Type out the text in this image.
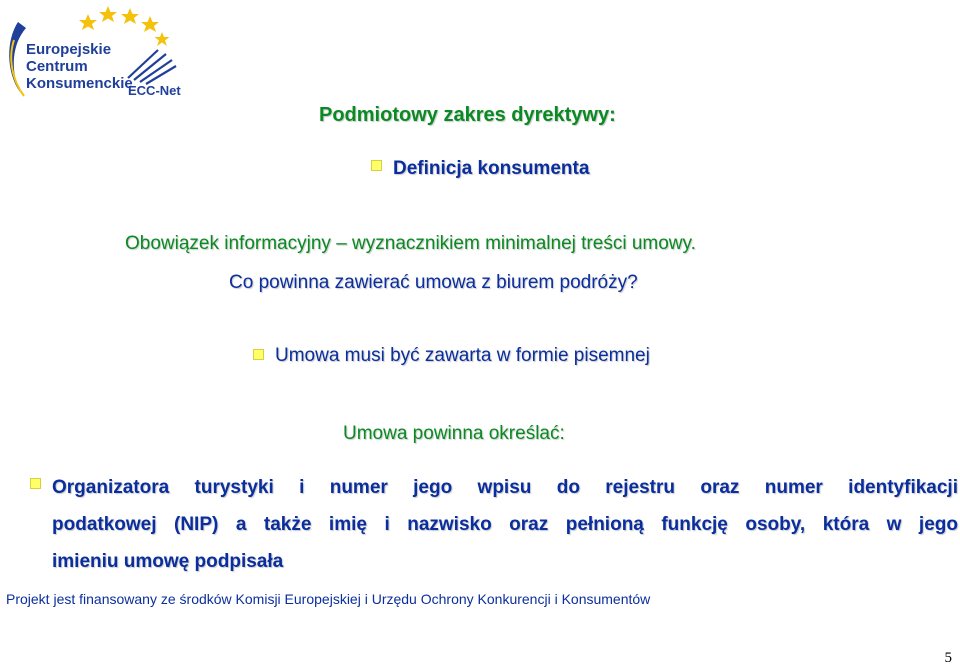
Europejskie
Centrum
Konsumenckie
ECC-Net
Podmiotowy zakres dyrektywy:
Definicja konsumenta
Obowiązek informacyjny – wyznacznikiem minimalnej treści umowy.
Co powinna zawierać umowa z biurem podróży?
Umowa musi być zawarta w formie pisemnej
Umowa powinna określać:
Organizatora turystyki i numer jego wpisu do rejestru oraz numer identyfikacji
podatkowej (NIP) a także imię i nazwisko oraz pełnioną funkcję osoby, która w jego
imieniu umowę podpisała
Projekt jest finansowany ze środków Komisji Europejskiej i Urzędu Ochrony Konkurencji i Konsumentów
5
